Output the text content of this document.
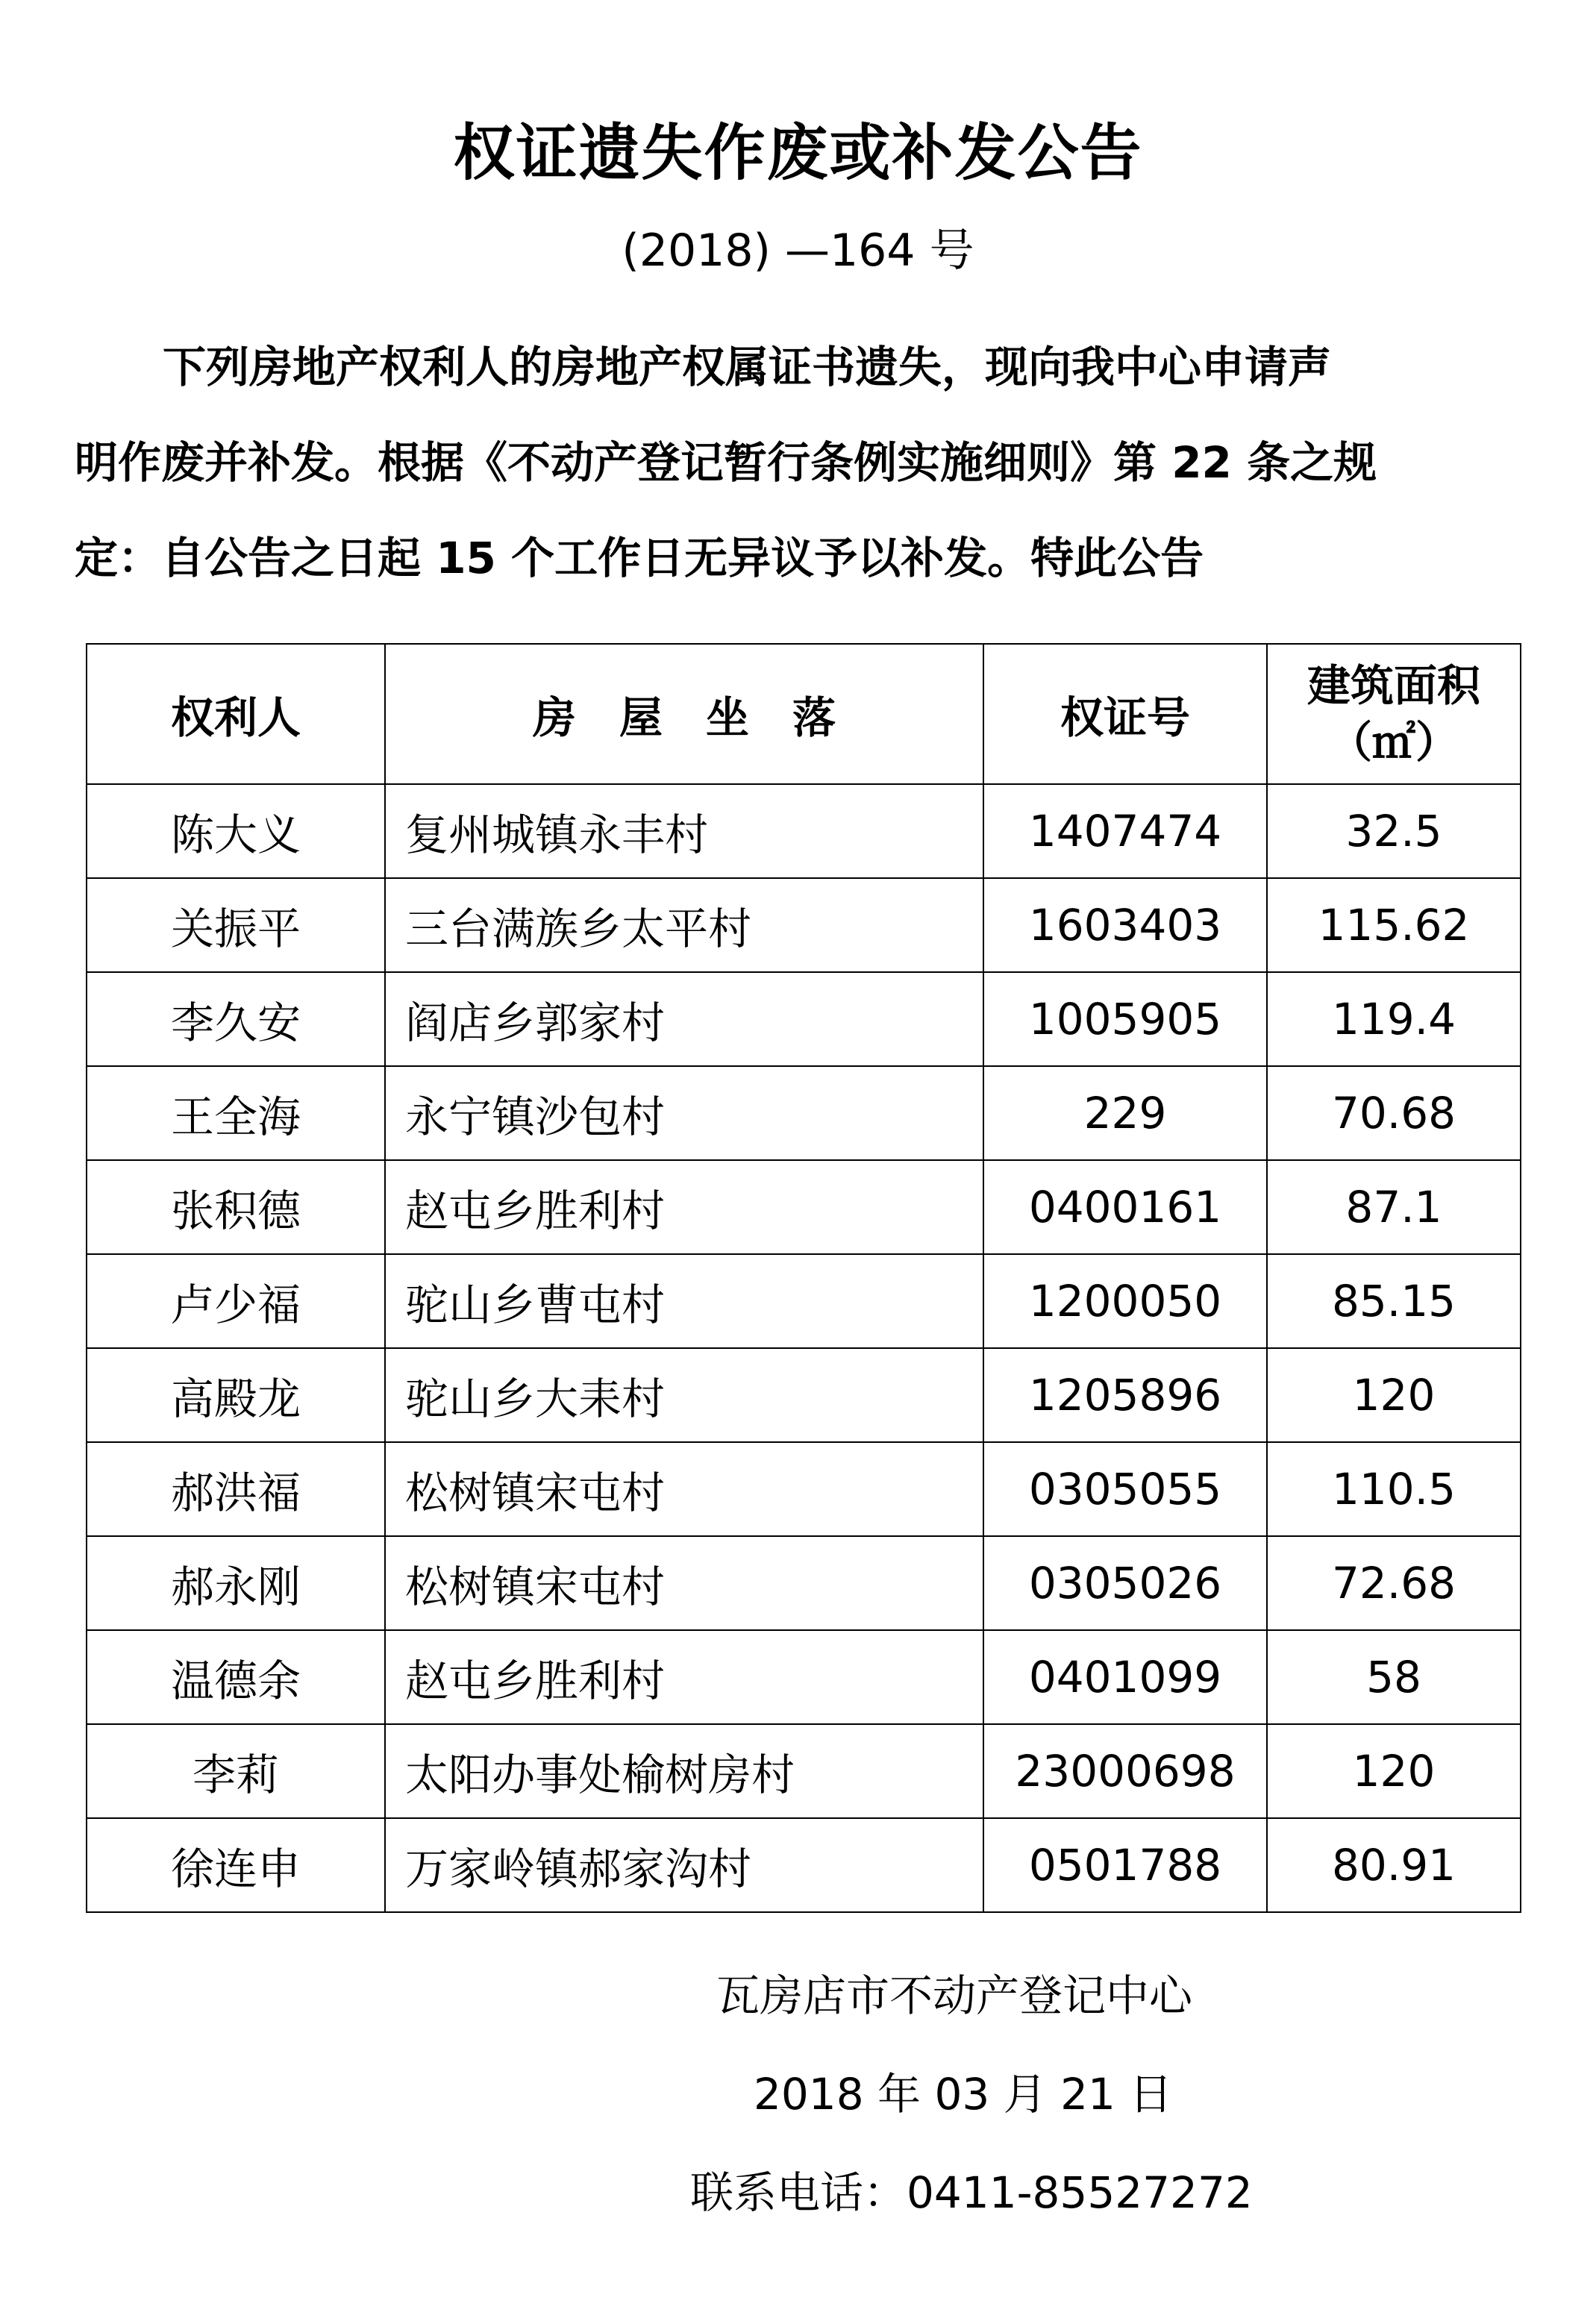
权证遗失作废或补发公告
(2018) —164 号
下列房地产权利人的房地产权属证书遗失，现向我中心申请声
明作废并补发。根据《不动产登记暂行条例实施细则》第 22 条之规
定：自公告之日起 15 个工作日无异议予以补发。特此公告
权利人	房屋坐落	权证号	建筑面积
（㎡）

陈大义	复州城镇永丰村	1407474	32.5
关振平	三台满族乡太平村	1603403	115.62
李久安	阎店乡郭家村	1005905	119.4
王全海	永宁镇沙包村	229	70.68
张积德	赵屯乡胜利村	0400161	87.1
卢少福	驼山乡曹屯村	1200050	85.15
高殿龙	驼山乡大耒村	1205896	120
郝洪福	松树镇宋屯村	0305055	110.5
郝永刚	松树镇宋屯村	0305026	72.68
温德余	赵屯乡胜利村	0401099	58
李莉	太阳办事处榆树房村	23000698	120
徐连申	万家岭镇郝家沟村	0501788	80.91
瓦房店市不动产登记中心
2018 年 03 月 21 日
联系电话：0411-85527272
